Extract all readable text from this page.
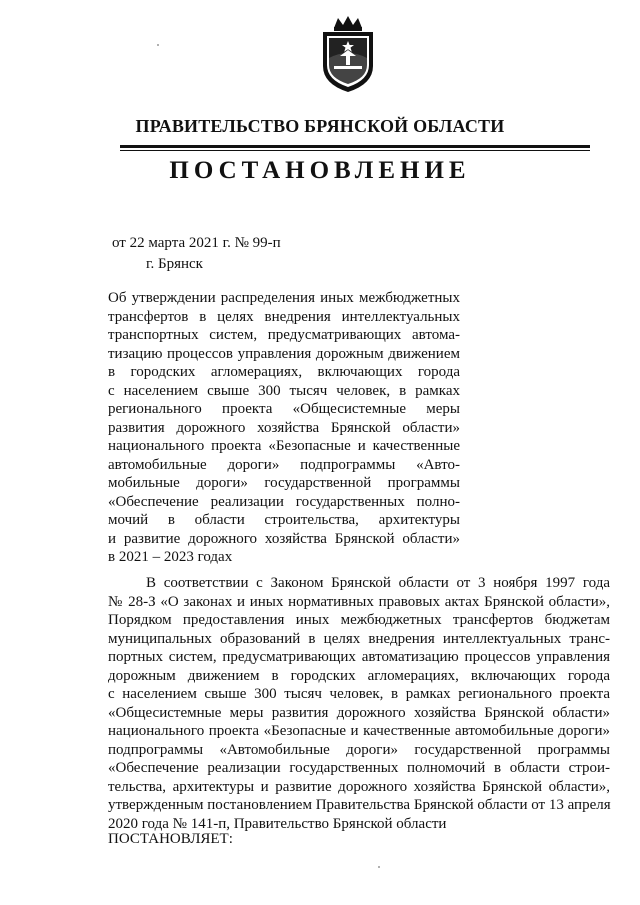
ПРАВИТЕЛЬСТВО БРЯНСКОЙ ОБЛАСТИ
ПОСТАНОВЛЕНИЕ
от 22 марта 2021 г. № 99-п
г. Брянск
Об утверждении распределения иных межбюджетных
трансфертов в целях внедрения интеллектуальных
транспортных систем, предусматривающих автома-
тизацию процессов управления дорожным движением
в городских агломерациях, включающих города
с населением свыше 300 тысяч человек, в рамках
регионального проекта «Общесистемные меры
развития дорожного хозяйства Брянской области»
национального проекта «Безопасные и качественные
автомобильные дороги» подпрограммы «Авто-
мобильные дороги» государственной программы
«Обеспечение реализации государственных полно-
мочий в области строительства, архитектуры
и развитие дорожного хозяйства Брянской области»
в 2021 – 2023 годах
В соответствии с Законом Брянской области от 3 ноября 1997 года
№ 28-З «О законах и иных нормативных правовых актах Брянской области»,
Порядком предоставления иных межбюджетных трансфертов бюджетам
муниципальных образований в целях внедрения интеллектуальных транс-
портных систем, предусматривающих автоматизацию процессов управления
дорожным движением в городских агломерациях, включающих города
с населением свыше 300 тысяч человек, в рамках регионального проекта
«Общесистемные меры развития дорожного хозяйства Брянской области»
национального проекта «Безопасные и качественные автомобильные дороги»
подпрограммы «Автомобильные дороги» государственной программы
«Обеспечение реализации государственных полномочий в области строи-
тельства, архитектуры и развитие дорожного хозяйства Брянской области»,
утвержденным постановлением Правительства Брянской области от 13 апреля
2020 года № 141-п, Правительство Брянской области
ПОСТАНОВЛЯЕТ:
